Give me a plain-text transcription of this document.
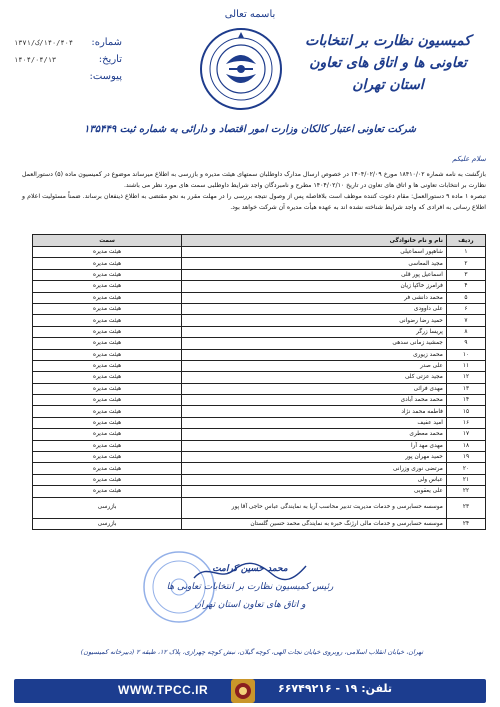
باسمه تعالی
شماره:
۱۴۰/۴۰۴/ک/۱۳۷۱
تاریخ:
۱۴۰۴/۰۴/۱۳
پیوست:
کمیسیون نظارت بر انتخابات
تعاونی ها و اتاق های تعاون
استان تهران
شرکت تعاونی اعتبار کالکان وزارت امور اقتصاد و دارائی به شماره ثبت ۱۳۵۴۴۹
سلام علیکم

بازگشت به نامه شماره ۱۸۴۱۰/۰۲ مورخ ۱۴۰۴/۰۲/۰۹ در خصوص ارسال مدارک داوطلبان سمتهای هیئت مدیره و بازرسی به اطلاع میرساند موضوع در کمیسیون ماده (۵) دستورالعمل نظارت بر انتخابات تعاونی ها و اتاق های تعاون در تاریخ ۱۴۰۴/۰۲/۱۰ مطرح و نامبردگان واجد شرایط داوطلبی سمت های مورد نظر می باشند.

تبصره ۱ ماده ۹ دستورالعمل: مقام دعوت کننده موظف است بلافاصله پس از وصول نتیجه بررسی را در مهلت مقرر به نحو مقتضی به اطلاع ذینفعان برساند. ضمناً مسئولیت اعلام و اطلاع رسانی به افرادی که واجد شرایط شناخته نشده اند به عهده هیأت مدیره آن شرکت خواهد بود.

ردیف	نام و نام خانوادگی	سمت
۱	شاهپور اسماعیلی	هیئت مدیره
۲	مجید المعاسی	هیئت مدیره
۳	اسماعیل پور قلی	هیئت مدیره
۴	فرامرز خاکپا زیان	هیئت مدیره
۵	محمد دانشی فر	هیئت مدیره
۶	علی داوودی	هیئت مدیره
۷	حمید رضا رضوانی	هیئت مدیره
۸	پریسا زرگر	هیئت مدیره
۹	جمشید زمانی سدهی	هیئت مدیره
۱۰	محمد زیوری	هیئت مدیره
۱۱	علی صدر	هیئت مدیره
۱۲	مجید عزتی کلی	هیئت مدیره
۱۳	مهدی فرائی	هیئت مدیره
۱۴	محمد محمد آبادی	هیئت مدیره
۱۵	فاطمه محمد نژاد	هیئت مدیره
۱۶	امید عفیف	هیئت مدیره
۱۷	محمد معطری	هیئت مدیره
۱۸	مهدی مهد آرا	هیئت مدیره
۱۹	حمید مهران پور	هیئت مدیره
۲۰	مرتضی نوری وزرانی	هیئت مدیره
۲۱	عباس ولی	هیئت مدیره
۲۲	علی یعقوبی	هیئت مدیره
۲۳	موسسه حسابرسی و خدمات مدیریت تدبیر محاسب آریا به نمایندگی عباس حاجی آقا پور	بازرسی
۲۴	موسسه حسابرسی و خدمات مالی ارژنگ خبره به نمایندگی محمد حسین گلستان	بازرسی
محمد حسین کرامت
رئیس کمیسیون نظارت بر انتخابات تعاونی ها
و اتاق های تعاون استان تهران
تهران، خیابان انقلاب اسلامی، روبروی خیابان نجات الهی، کوچه گیلان، نبش کوچه چهرازی، پلاک ۱۲، طبقه ۲ (دبیرخانه کمیسیون)
WWW.TPCC.IR	تلفن: ۱۹ - ۶۶۷۴۹۲۱۶
